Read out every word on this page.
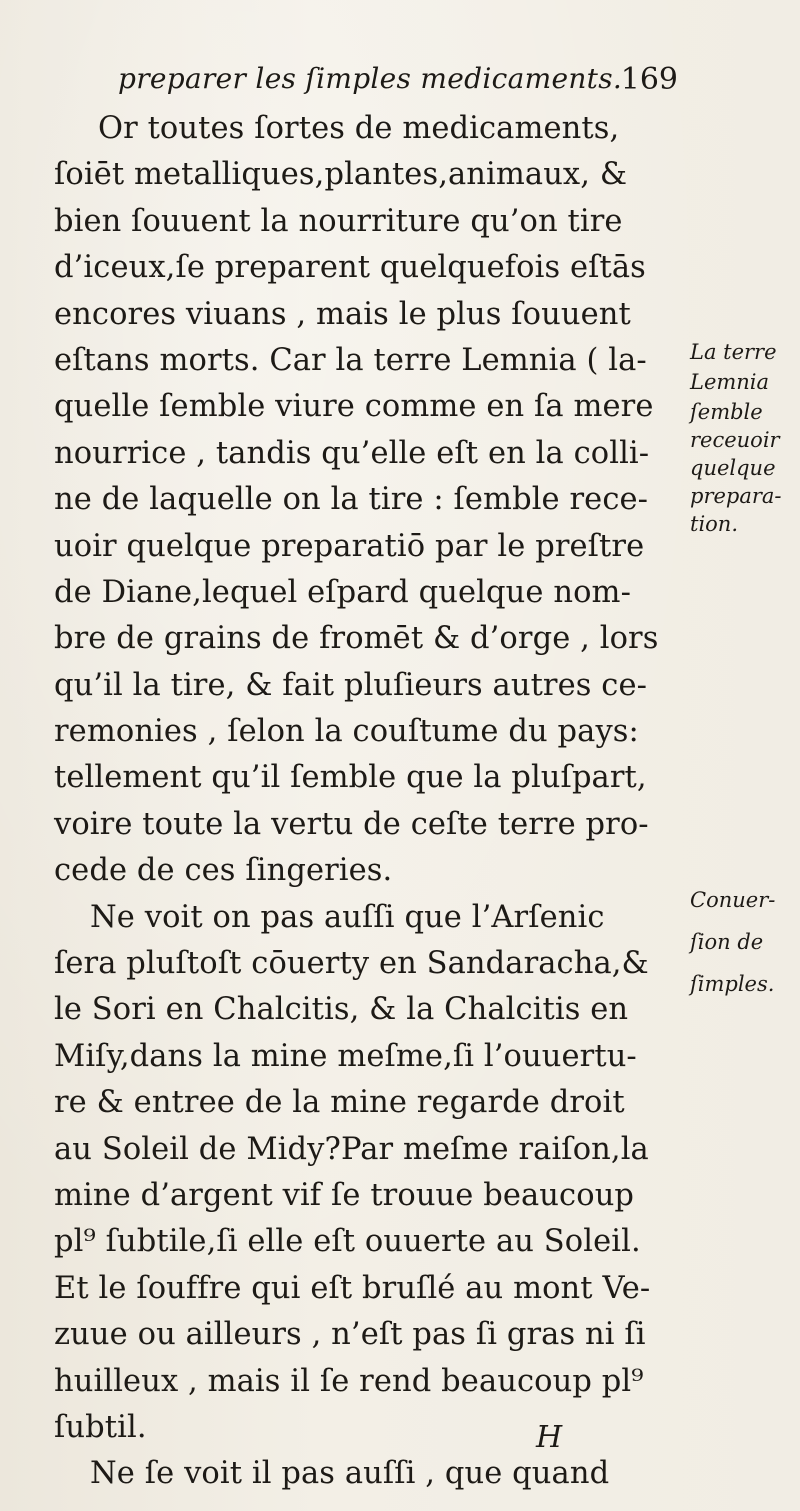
preparer les ſimples medicaments.
169
Or toutes ſortes de medicaments,
ſoiēt metalliques,plantes,animaux, &
bien ſouuent la nourriture qu’on tire
d’iceux,ſe preparent quelquefois eſtās
encores viuans , mais le plus ſouuent
eſtans morts. Car la terre Lemnia ( la-
quelle ſemble viure comme en ſa mere
nourrice , tandis qu’elle eſt en la colli-
ne de laquelle on la tire : ſemble rece-
uoir quelque preparatiō par le preſtre
de Diane,lequel eſpard quelque nom-
bre de grains de fromēt & d’orge , lors
qu’il la tire, & fait pluſieurs autres ce-
remonies , ſelon la couſtume du pays:
tellement qu’il ſemble que la pluſpart,
voire toute la vertu de ceſte terre pro-
cede de ces ſingeries.
Ne voit on pas auſſi que l’Arſenic
ſera pluſtoſt cōuerty en Sandaracha,&
le Sori en Chalcitis, & la Chalcitis en
Miſy,dans la mine meſme,ſi l’ouuertu-
re & entree de la mine regarde droit
au Soleil de Midy?Par meſme raiſon,la
mine d’argent vif ſe trouue beaucoup
pl⁹ ſubtile,ſi elle eſt ouuerte au Soleil.
Et le ſouffre qui eſt bruſlé au mont Ve-
zuue ou ailleurs , n’eſt pas ſi gras ni ſi
huilleux , mais il ſe rend beaucoup pl⁹
ſubtil.
Ne ſe voit il pas auſſi , que quand
La terre
Lemnia
ſemble
receuoir
quelque
prepara-
tion.
Conuer-
ſion de
ſimples.
H
